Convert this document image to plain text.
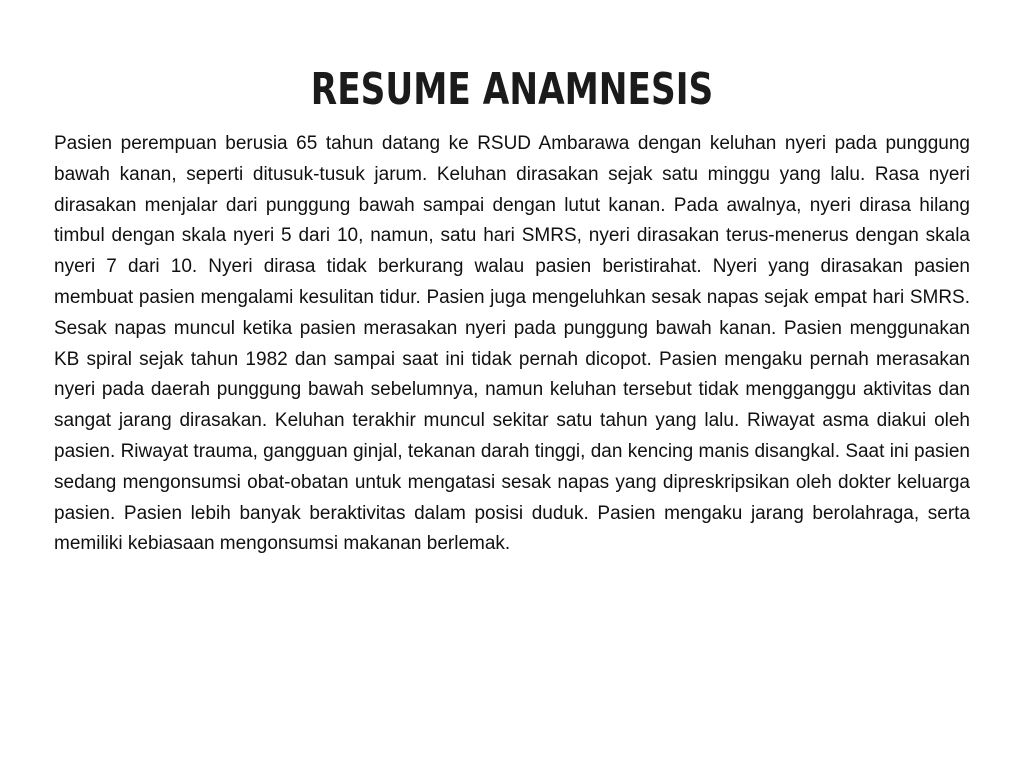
RESUME ANAMNESIS

Pasien perempuan berusia 65 tahun datang ke RSUD Ambarawa dengan keluhan nyeri pada punggung bawah kanan, seperti ditusuk-tusuk jarum. Keluhan dirasakan sejak satu minggu yang lalu. Rasa nyeri dirasakan menjalar dari punggung bawah sampai dengan lutut kanan. Pada awalnya, nyeri dirasa hilang timbul dengan skala nyeri 5 dari 10, namun, satu hari SMRS, nyeri dirasakan terus-menerus dengan skala nyeri 7 dari 10. Nyeri dirasa tidak berkurang walau pasien beristirahat. Nyeri yang dirasakan pasien membuat pasien mengalami kesulitan tidur. Pasien juga mengeluhkan sesak napas sejak empat hari SMRS. Sesak napas muncul ketika pasien merasakan nyeri pada punggung bawah kanan. Pasien menggunakan KB spiral sejak tahun 1982 dan sampai saat ini tidak pernah dicopot. Pasien mengaku pernah merasakan nyeri pada daerah punggung bawah sebelumnya, namun keluhan tersebut tidak mengganggu aktivitas dan sangat jarang dirasakan. Keluhan terakhir muncul sekitar satu tahun yang lalu. Riwayat asma diakui oleh pasien. Riwayat trauma, gangguan ginjal, tekanan darah tinggi, dan kencing manis disangkal. Saat ini pasien sedang mengonsumsi obat-obatan untuk mengatasi sesak napas yang dipreskripsikan oleh dokter keluarga pasien. Pasien lebih banyak beraktivitas dalam posisi duduk. Pasien mengaku jarang berolahraga, serta memiliki kebiasaan mengonsumsi makanan berlemak.
